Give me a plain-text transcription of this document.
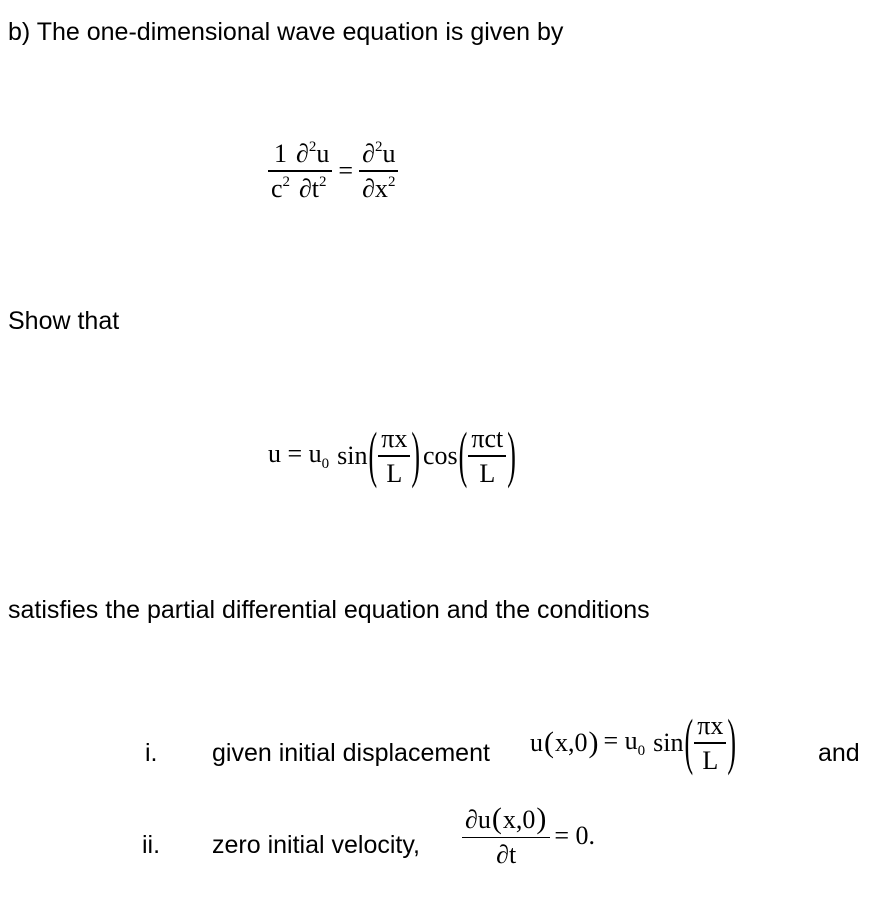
b) The one-dimensional wave equation is given by
$\frac{1}{c^2} \frac{\partial^2u}{\partial t^2} = \frac{\partial^2u}{\partial x^2}$
Show that
$u = u_0$ sin ( $\frac{\pi x}{L}$ ) cos ( $\frac{\text{πct}}{L}$ )
satisfies the partial differential equation and the conditions
i. given initial displacement u ( x,0 ) = $u_0$ sin ( $\frac{\pi x}{L}$ )	and
ii. zero initial velocity, $\frac{\partial u(x,0)}{\partial t} = 0$ .
